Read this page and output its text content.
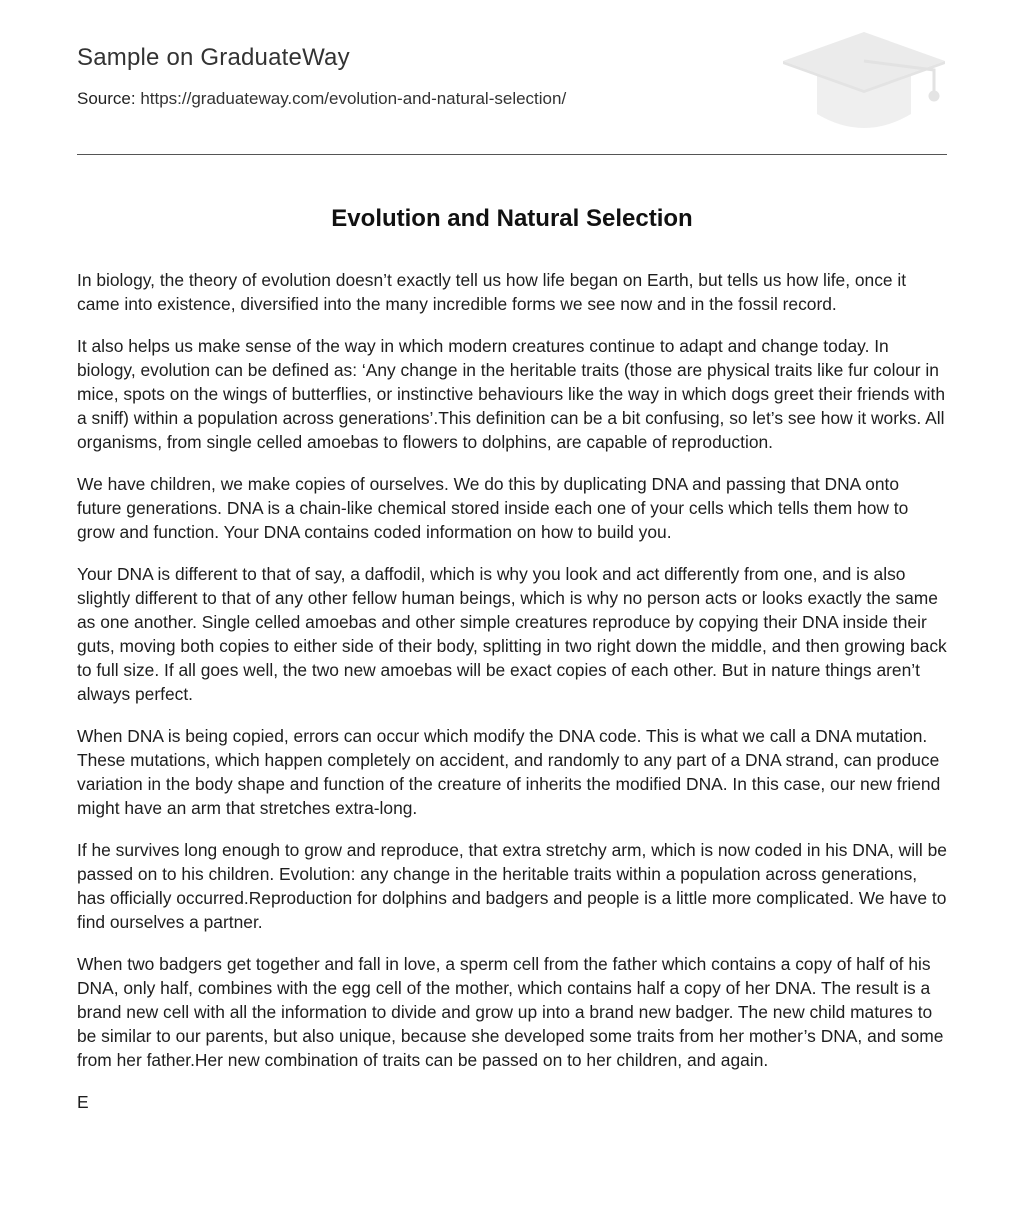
Sample on GraduateWay
Source: https://graduateway.com/evolution-and-natural-selection/
Evolution and Natural Selection

In biology, the theory of evolution doesn’t exactly tell us how life began on Earth, but tells us how life, once it came into existence, diversified into the many incredible forms we see now and in the fossil record.

It also helps us make sense of the way in which modern creatures continue to adapt and change today. In biology, evolution can be defined as: ‘Any change in the heritable traits (those are physical traits like fur colour in mice, spots on the wings of butterflies, or instinctive behaviours like the way in which dogs greet their friends with a sniff) within a population across generations’.This definition can be a bit confusing, so let’s see how it works. All organisms, from single celled amoebas to flowers to dolphins, are capable of reproduction.

We have children, we make copies of ourselves. We do this by duplicating DNA and passing that DNA onto future generations. DNA is a chain-like chemical stored inside each one of your cells which tells them how to grow and function. Your DNA contains coded information on how to build you.

Your DNA is different to that of say, a daffodil, which is why you look and act differently from one, and is also slightly different to that of any other fellow human beings, which is why no person acts or looks exactly the same as one another. Single celled amoebas and other simple creatures reproduce by copying their DNA inside their guts, moving both copies to either side of their body, splitting in two right down the middle, and then growing back to full size. If all goes well, the two new amoebas will be exact copies of each other. But in nature things aren’t always perfect.

When DNA is being copied, errors can occur which modify the DNA code. This is what we call a DNA mutation. These mutations, which happen completely on accident, and randomly to any part of a DNA strand, can produce variation in the body shape and function of the creature of inherits the modified DNA. In this case, our new friend might have an arm that stretches extra-long.

If he survives long enough to grow and reproduce, that extra stretchy arm, which is now coded in his DNA, will be passed on to his children. Evolution: any change in the heritable traits within a population across generations, has officially occurred.Reproduction for dolphins and badgers and people is a little more complicated. We have to find ourselves a partner.

When two badgers get together and fall in love, a sperm cell from the father which contains a copy of half of his DNA, only half, combines with the egg cell of the mother, which contains half a copy of her DNA. The result is a brand new cell with all the information to divide and grow up into a brand new badger. The new child matures to be similar to our parents, but also unique, because she developed some traits from her mother’s DNA, and some from her father.Her new combination of traits can be passed on to her children, and again.

E
